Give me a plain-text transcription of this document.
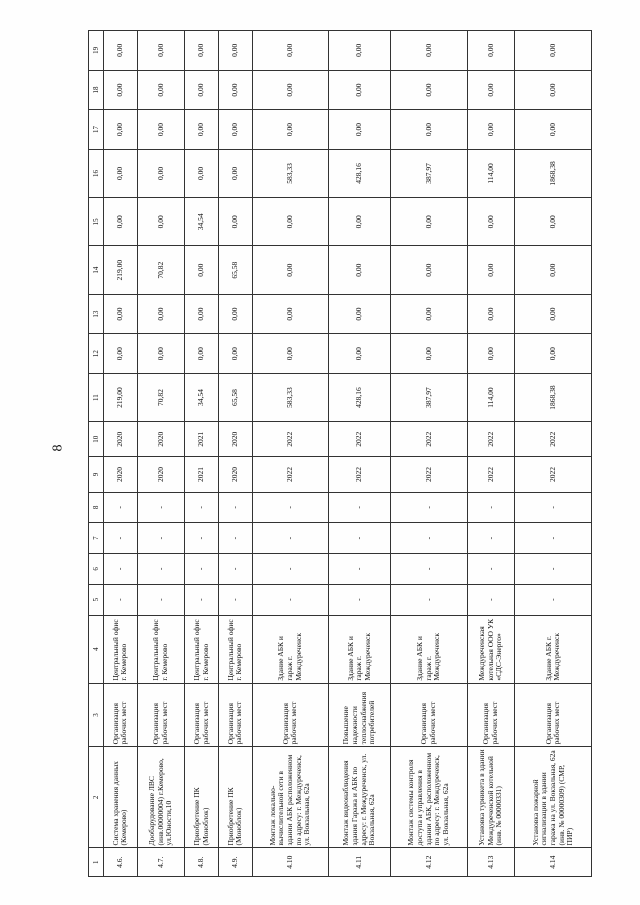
8
1	2	3	4	5	6	7	8	9	10	11	12	13	14	15	16	17	18	19
4.6.	Система хранения данных (Кемерово)	Организация рабочих мест	Центральный офис г. Кемерово	-	-	-	-	2020	2020	219,00	0,00	0,00	219,00	0,00	0,00	0,00	0,00	0,00
4.7.	Дообарудование ЛВС (инв.00000004) г.Кемерово, ул.Юности,10	Организация рабочих мест	Центральный офис г. Кемерово	-	-	-	-	2020	2020	70,82	0,00	0,00	70,82	0,00	0,00	0,00	0,00	0,00
4.8.	Приобретение ПК (Моноблок)	Организация рабочих мест	Центральный офис г. Кемерово	-	-	-	-	2021	2021	34,54	0,00	0,00	0,00	34,54	0,00	0,00	0,00	0,00
4.9.	Приобретение ПК (Моноблок)	Организация рабочих мест	Центральный офис г. Кемерово	-	-	-	-	2020	2020	65,58	0,00	0,00	65,58	0,00	0,00	0,00	0,00	0,00
4.10	Монтаж локально-вычислительной сети в здании АБК расположенном по адресу: г. Междуреченск, ул. Вокзальная, 62а	Организация рабочих мест	Здание АБК и гараж г. Междуреченск	-	-	-	-	2022	2022	583,33	0,00	0,00	0,00	0,00	583,33	0,00	0,00	0,00
4.11	Монтаж видеонаблюдения здания Гаража и АБК по адресу: г. Междуреченск, ул. Вокзальная, 62а	Повышение надежности теплоснабжения потребителей	Здание АБК и гараж г. Междуреченск	-	-	-	-	2022	2022	428,16	0,00	0,00	0,00	0,00	428,16	0,00	0,00	0,00
4.12	Монтаж системы контроля доступа и управления в здании АБК, расположенном по адресу: г. Междуреченск, ул. Вокзальная, 62а	Организация рабочих мест	Здание АБК и гараж г. Междуреченск	-	-	-	-	2022	2022	387,97	0,00	0,00	0,00	0,00	387,97	0,00	0,00	0,00
4.13	Установка турникета в здании Междуреченской котельной (инв. № 00000331)	Организация рабочих мест	Междуреченская котельная ООО УК «СДС-Энерго»	-	-	-	-	2022	2022	114,00	0,00	0,00	0,00	0,00	114,00	0,00	0,00	0,00
4.14	Установка пожарной сигнализации в здании гаража на ул. Вокзальная, 62а (инв. № 00000309) (СМР, ПИР)	Организация рабочих мест	Здание АБК г. Междуреченск	-	-	-	-	2022	2022	1868,38	0,00	0,00	0,00	0,00	1868,38	0,00	0,00	0,00
